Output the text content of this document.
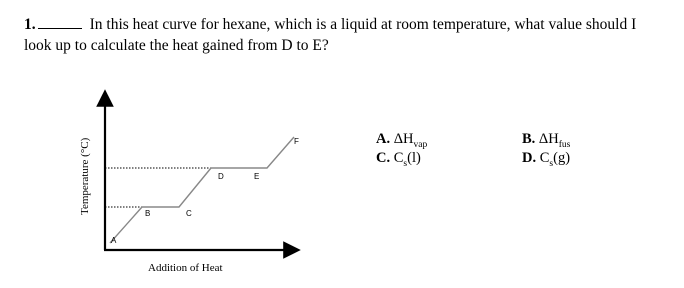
1.	In this heat curve for hexane, which is a liquid at room temperature, what value should I
look up to calculate the heat gained from D to E?
A
B	C
D	E
F
Temperature (°C)
Addition of Heat
A. $\Delta H_{vap}$	B. $\Delta H_{fus}$
C. $C_s(l)$	D. $C_s(g)$
